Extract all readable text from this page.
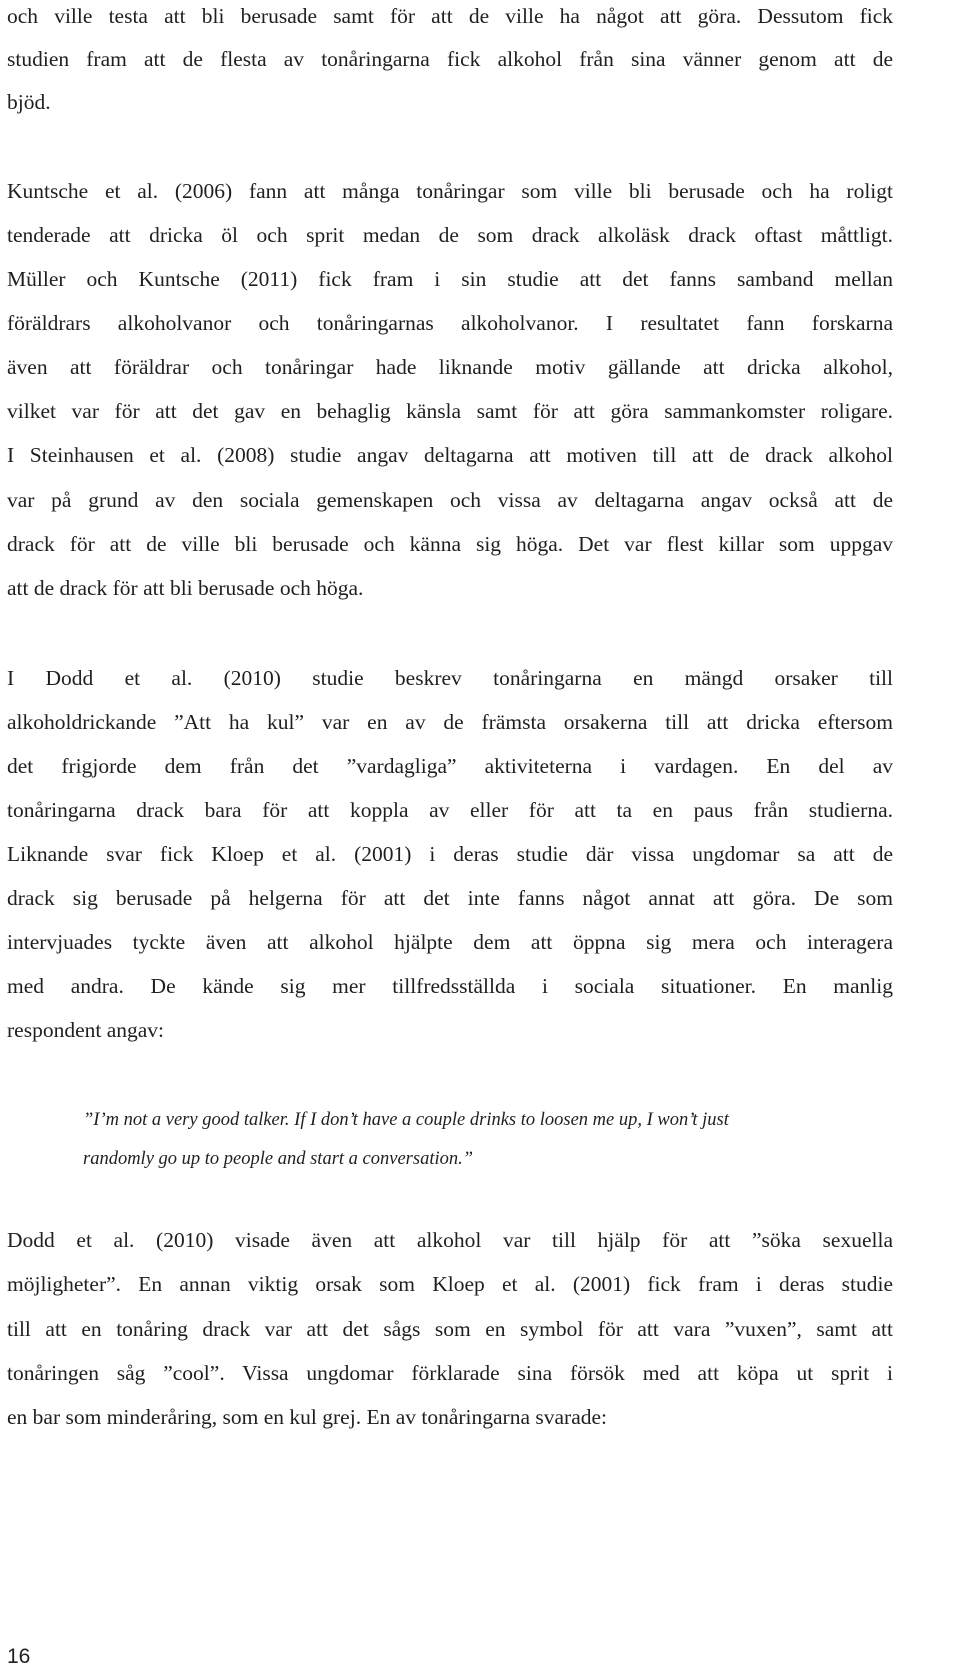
och ville testa att bli berusade samt för att de ville ha något att göra. Dessutom fick
studien fram att de flesta av tonåringarna fick alkohol från sina vänner genom att de
bjöd.
Kuntsche et al. (2006) fann att många tonåringar som ville bli berusade och ha roligt
tenderade att dricka öl och sprit medan de som drack alkoläsk drack oftast måttligt.
Müller och Kuntsche (2011) fick fram i sin studie att det fanns samband mellan
föräldrars alkoholvanor och tonåringarnas alkoholvanor. I resultatet fann forskarna
även att föräldrar och tonåringar hade liknande motiv gällande att dricka alkohol,
vilket var för att det gav en behaglig känsla samt för att göra sammankomster roligare.
I Steinhausen et al. (2008) studie angav deltagarna att motiven till att de drack alkohol
var på grund av den sociala gemenskapen och vissa av deltagarna angav också att de
drack för att de ville bli berusade och känna sig höga. Det var flest killar som uppgav
att de drack för att bli berusade och höga.
I Dodd et al. (2010) studie beskrev tonåringarna en mängd orsaker till
alkoholdrickande ”Att ha kul” var en av de främsta orsakerna till att dricka eftersom
det frigjorde dem från det ”vardagliga” aktiviteterna i vardagen. En del av
tonåringarna drack bara för att koppla av eller för att ta en paus från studierna.
Liknande svar fick Kloep et al. (2001) i deras studie där vissa ungdomar sa att de
drack sig berusade på helgerna för att det inte fanns något annat att göra. De som
intervjuades tyckte även att alkohol hjälpte dem att öppna sig mera och interagera
med andra. De kände sig mer tillfredsställda i sociala situationer. En manlig
respondent angav:
”I’m not a very good talker. If I don’t have a couple drinks to loosen me up, I won’t just
randomly go up to people and start a conversation.”
Dodd et al. (2010) visade även att alkohol var till hjälp för att ”söka sexuella
möjligheter”. En annan viktig orsak som Kloep et al. (2001) fick fram i deras studie
till att en tonåring drack var att det sågs som en symbol för att vara ”vuxen”, samt att
tonåringen såg ”cool”. Vissa ungdomar förklarade sina försök med att köpa ut sprit i
en bar som minderåring, som en kul grej. En av tonåringarna svarade:
16
